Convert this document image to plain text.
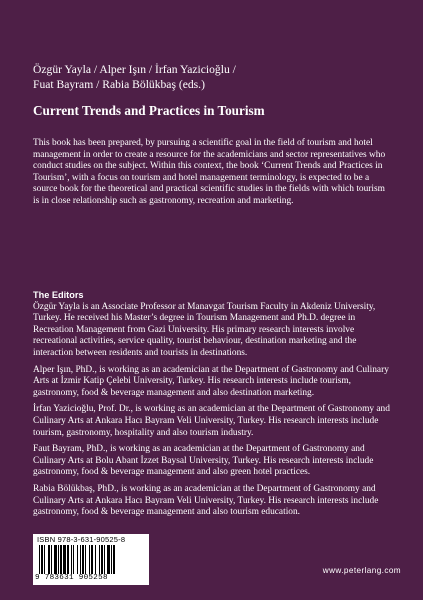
Özgür Yayla / Alper Işın / İrfan Yazicioğlu /
Fuat Bayram / Rabia Bölükbaş (eds.)
Current Trends and Practices in Tourism

This book has been prepared, by pursuing a scientific goal in the field of tourism and hotel management in order to create a resource for the academicians and sector representatives who conduct studies on the subject. Within this context, the book ‘Current Trends and Practices in Tourism’, with a focus on tourism and hotel management terminology, is expected to be a source book for the theoretical and practical scientific studies in the fields with which tourism is in close relationship such as gastronomy, recreation and marketing.

The Editors

Özgür Yayla is an Associate Professor at Manavgat Tourism Faculty in Akdeniz University, Turkey. He received his Master’s degree in Tourism Management and Ph.D. degree in Recreation Management from Gazi University. His primary research interests involve recreational activities, service quality, tourist behaviour, destination marketing and the interaction between residents and tourists in destinations.

Alper Işın, PhD., is working as an academician at the Department of Gastronomy and Culinary Arts at İzmir Katip Çelebi University, Turkey. His research interests include tourism, gastronomy, food & beverage management and also destination marketing.

İrfan Yazicioğlu, Prof. Dr., is working as an academician at the Department of Gastronomy and Culinary Arts at Ankara Hacı Bayram Veli University, Turkey. His research interests include tourism, gastronomy, hospitality and also tourism industry.

Faut Bayram, PhD., is working as an academician at the Department of Gastronomy and Culinary Arts at Bolu Abant İzzet Baysal University, Turkey. His research interests include gastronomy, food & beverage management and also green hotel practices.

Rabia Bölükbaş, PhD., is working as an academician at the Department of Gastronomy and Culinary Arts at Ankara Hacı Bayram Veli University, Turkey. His research interests include gastronomy, food & beverage management and also tourism education.

ISBN 978-3-631-90525-8
9 783631 905258
www.peterlang.com
